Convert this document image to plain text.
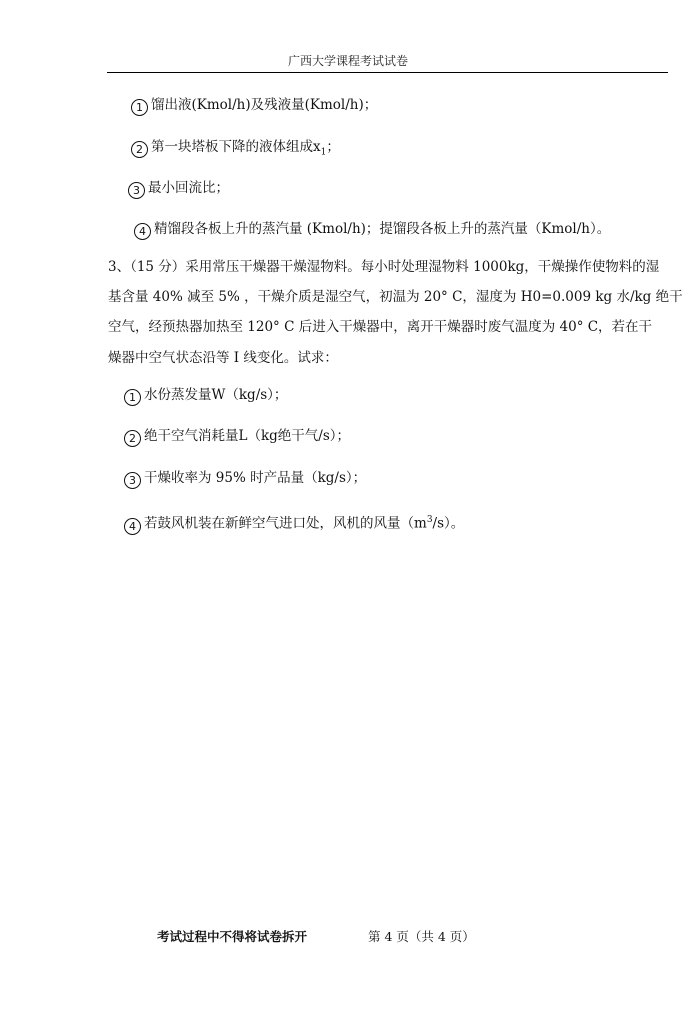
广西大学课程考试试卷
1 馏出液(Kmol/h)及残液量(Kmol/h)；
2 第一块塔板下降的液体组成$x_1$；
3 最小回流比；
4 精馏段各板上升的蒸汽量 (Kmol/h)；提馏段各板上升的蒸汽量（Kmol/h）。
3、（15 分）采用常压干燥器干燥湿物料。每小时处理湿物料 1000kg，干燥操作使物料的湿
基含量 40% 减至 5% ，干燥介质是湿空气，初温为 20° C，湿度为 H0=0.009 kg 水/kg 绝干
空气，经预热器加热至 120° C 后进入干燥器中，离开干燥器时废气温度为 40° C，若在干
燥器中空气状态沿等 I 线变化。试求：
1 水份蒸发量W（kg/s）；
2 绝干空气消耗量L（kg绝干气/s）；
3 干燥收率为 95% 时产品量（kg/s）；
4 若鼓风机装在新鲜空气进口处，风机的风量$(m^3/s)$。
考试过程中不得将试卷拆开	第 4 页（共 4 页）
